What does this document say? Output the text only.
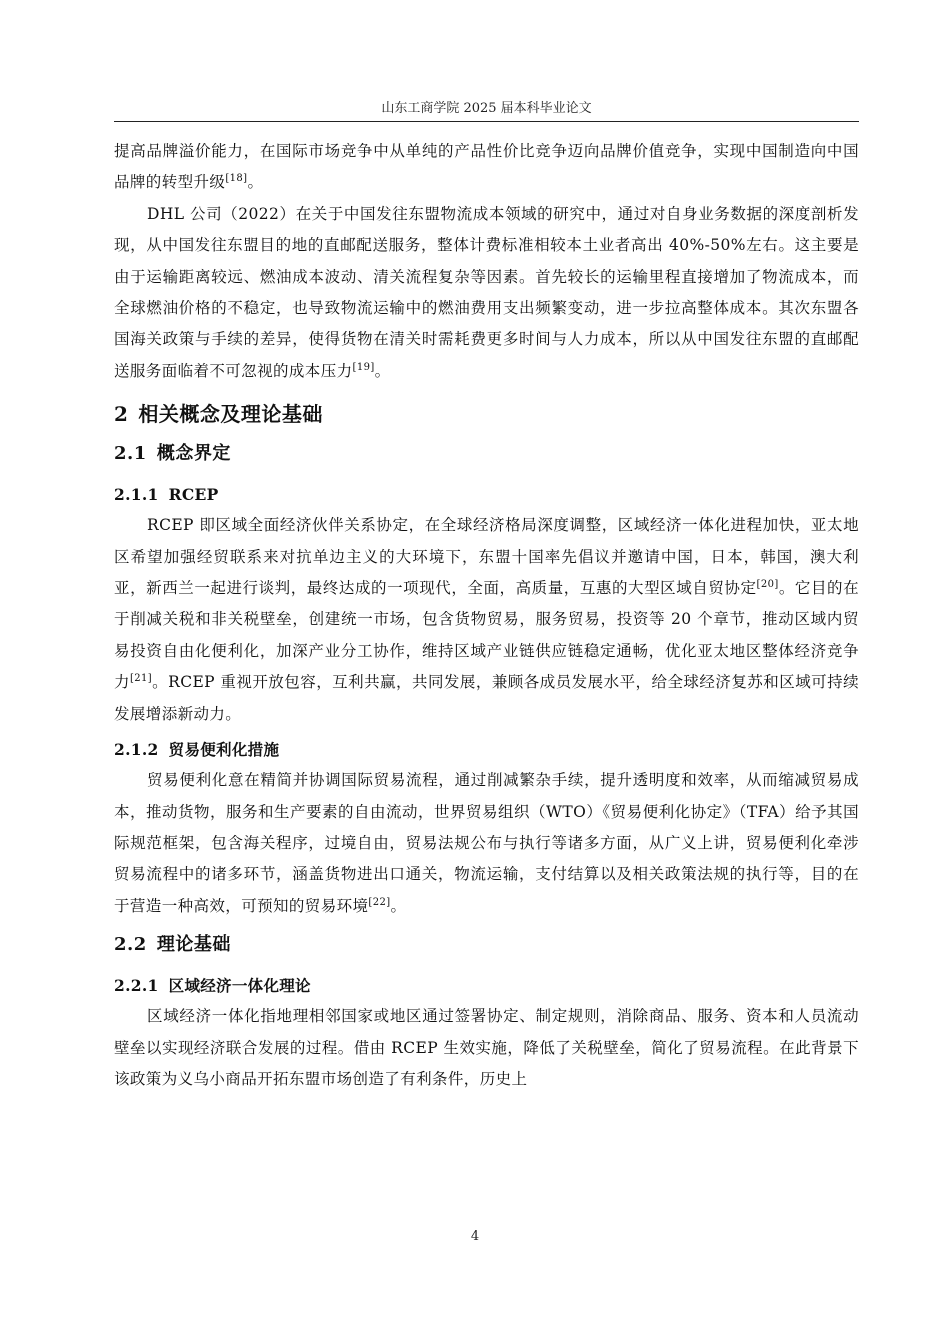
山东工商学院 2025 届本科毕业论文

提高品牌溢价能力，在国际市场竞争中从单纯的产品性价比竞争迈向品牌价值竞争，实现中国制造向中国品牌的转型升级[18]。

DHL 公司（2022）在关于中国发往东盟物流成本领域的研究中，通过对自身业务数据的深度剖析发现，从中国发往东盟目的地的直邮配送服务，整体计费标准相较本土业者高出 40%-50%左右。这主要是由于运输距离较远、燃油成本波动、清关流程复杂等因素。首先较长的运输里程直接增加了物流成本，而全球燃油价格的不稳定，也导致物流运输中的燃油费用支出频繁变动，进一步拉高整体成本。其次东盟各国海关政策与手续的差异，使得货物在清关时需耗费更多时间与人力成本，所以从中国发往东盟的直邮配送服务面临着不可忽视的成本压力[19]。

2 相关概念及理论基础
2.1 概念界定
2.1.1 RCEP

RCEP 即区域全面经济伙伴关系协定，在全球经济格局深度调整，区域经济一体化进程加快，亚太地区希望加强经贸联系来对抗单边主义的大环境下，东盟十国率先倡议并邀请中国，日本，韩国，澳大利亚，新西兰一起进行谈判，最终达成的一项现代，全面，高质量，互惠的大型区域自贸协定[20]。它目的在于削减关税和非关税壁垒，创建统一市场，包含货物贸易，服务贸易，投资等 20 个章节，推动区域内贸易投资自由化便利化，加深产业分工协作，维持区域产业链供应链稳定通畅，优化亚太地区整体经济竞争力[21]。RCEP 重视开放包容，互利共赢，共同发展，兼顾各成员发展水平，给全球经济复苏和区域可持续发展增添新动力。

2.1.2 贸易便利化措施

贸易便利化意在精简并协调国际贸易流程，通过削减繁杂手续，提升透明度和效率，从而缩减贸易成本，推动货物，服务和生产要素的自由流动，世界贸易组织（WTO）《贸易便利化协定》（TFA）给予其国际规范框架，包含海关程序，过境自由，贸易法规公布与执行等诸多方面，从广义上讲，贸易便利化牵涉贸易流程中的诸多环节，涵盖货物进出口通关，物流运输，支付结算以及相关政策法规的执行等，目的在于营造一种高效，可预知的贸易环境[22]。

2.2 理论基础
2.2.1 区域经济一体化理论

区域经济一体化指地理相邻国家或地区通过签署协定、制定规则，消除商品、服务、资本和人员流动壁垒以实现经济联合发展的过程。借由 RCEP 生效实施，降低了关税壁垒，简化了贸易流程。在此背景下该政策为义乌小商品开拓东盟市场创造了有利条件，历史上

4
